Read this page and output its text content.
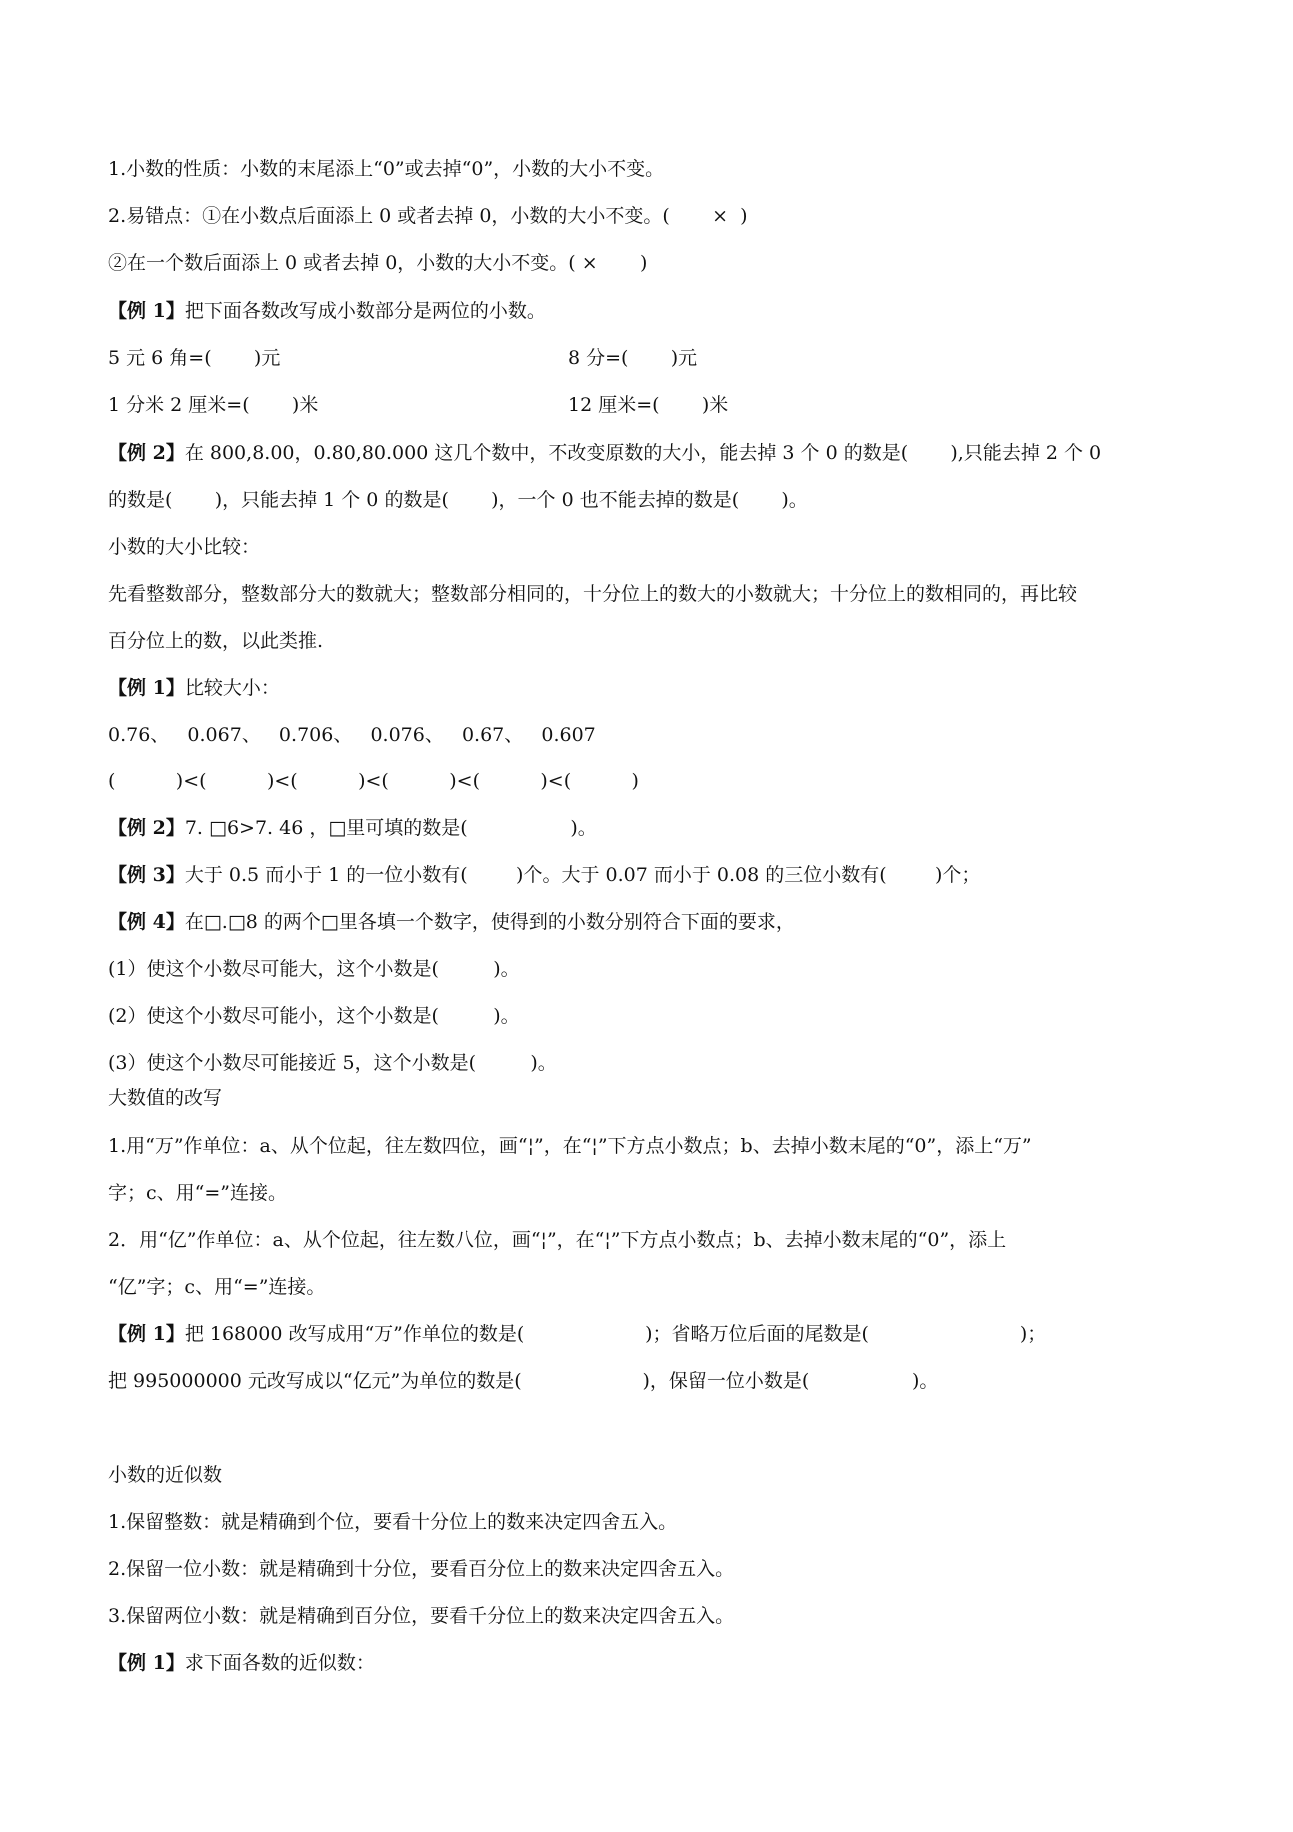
1.小数的性质：小数的末尾添上“0”或去掉“0”，小数的大小不变。
2.易错点：①在小数点后面添上 0 或者去掉 0，小数的大小不变。(       ×  )
②在一个数后面添上 0 或者去掉 0，小数的大小不变。( ×       )
【例 1】把下面各数改写成小数部分是两位的小数。
5 元 6 角=(       )元	8 分=(       )元
1 分米 2 厘米=(       )米	12 厘米=(       )米
【例 2】在 800,8.00，0.80,80.000 这几个数中，不改变原数的大小，能去掉 3 个 0 的数是(       ),只能去掉 2 个 0
的数是(       )，只能去掉 1 个 0 的数是(       )，一个 0 也不能去掉的数是(       )。
小数的大小比较：
先看整数部分，整数部分大的数就大；整数部分相同的，十分位上的数大的小数就大；十分位上的数相同的，再比较
百分位上的数，以此类推.
【例 1】比较大小：
0.76、   0.067、   0.706、   0.076、   0.67、   0.607
(          )<(          )<(          )<(          )<(          )<(          )
【例 2】7. □6>7. 46 ，□里可填的数是(                 )。
【例 3】大于 0.5 而小于 1 的一位小数有(        )个。大于 0.07 而小于 0.08 的三位小数有(        )个；
【例 4】在□.□8 的两个□里各填一个数字，使得到的小数分别符合下面的要求，
(1）使这个小数尽可能大，这个小数是(         )。
(2）使这个小数尽可能小，这个小数是(         )。
(3）使这个小数尽可能接近 5，这个小数是(         )。
大数值的改写
1.用“万”作单位：a、从个位起，往左数四位，画“¦”，在“¦”下方点小数点；b、去掉小数末尾的“0”，添上“万”
字；c、用“=”连接。
2．用“亿”作单位：a、从个位起，往左数八位，画“¦”，在“¦”下方点小数点；b、去掉小数末尾的“0”，添上
“亿”字；c、用“=”连接。
【例 1】把 168000 改写成用“万”作单位的数是(                    )；省略万位后面的尾数是(                         )；
把 995000000 元改写成以“亿元”为单位的数是(                    )，保留一位小数是(                 )。
小数的近似数
1.保留整数：就是精确到个位，要看十分位上的数来决定四舍五入。
2.保留一位小数：就是精确到十分位，要看百分位上的数来决定四舍五入。
3.保留两位小数：就是精确到百分位，要看千分位上的数来决定四舍五入。
【例 1】求下面各数的近似数：
